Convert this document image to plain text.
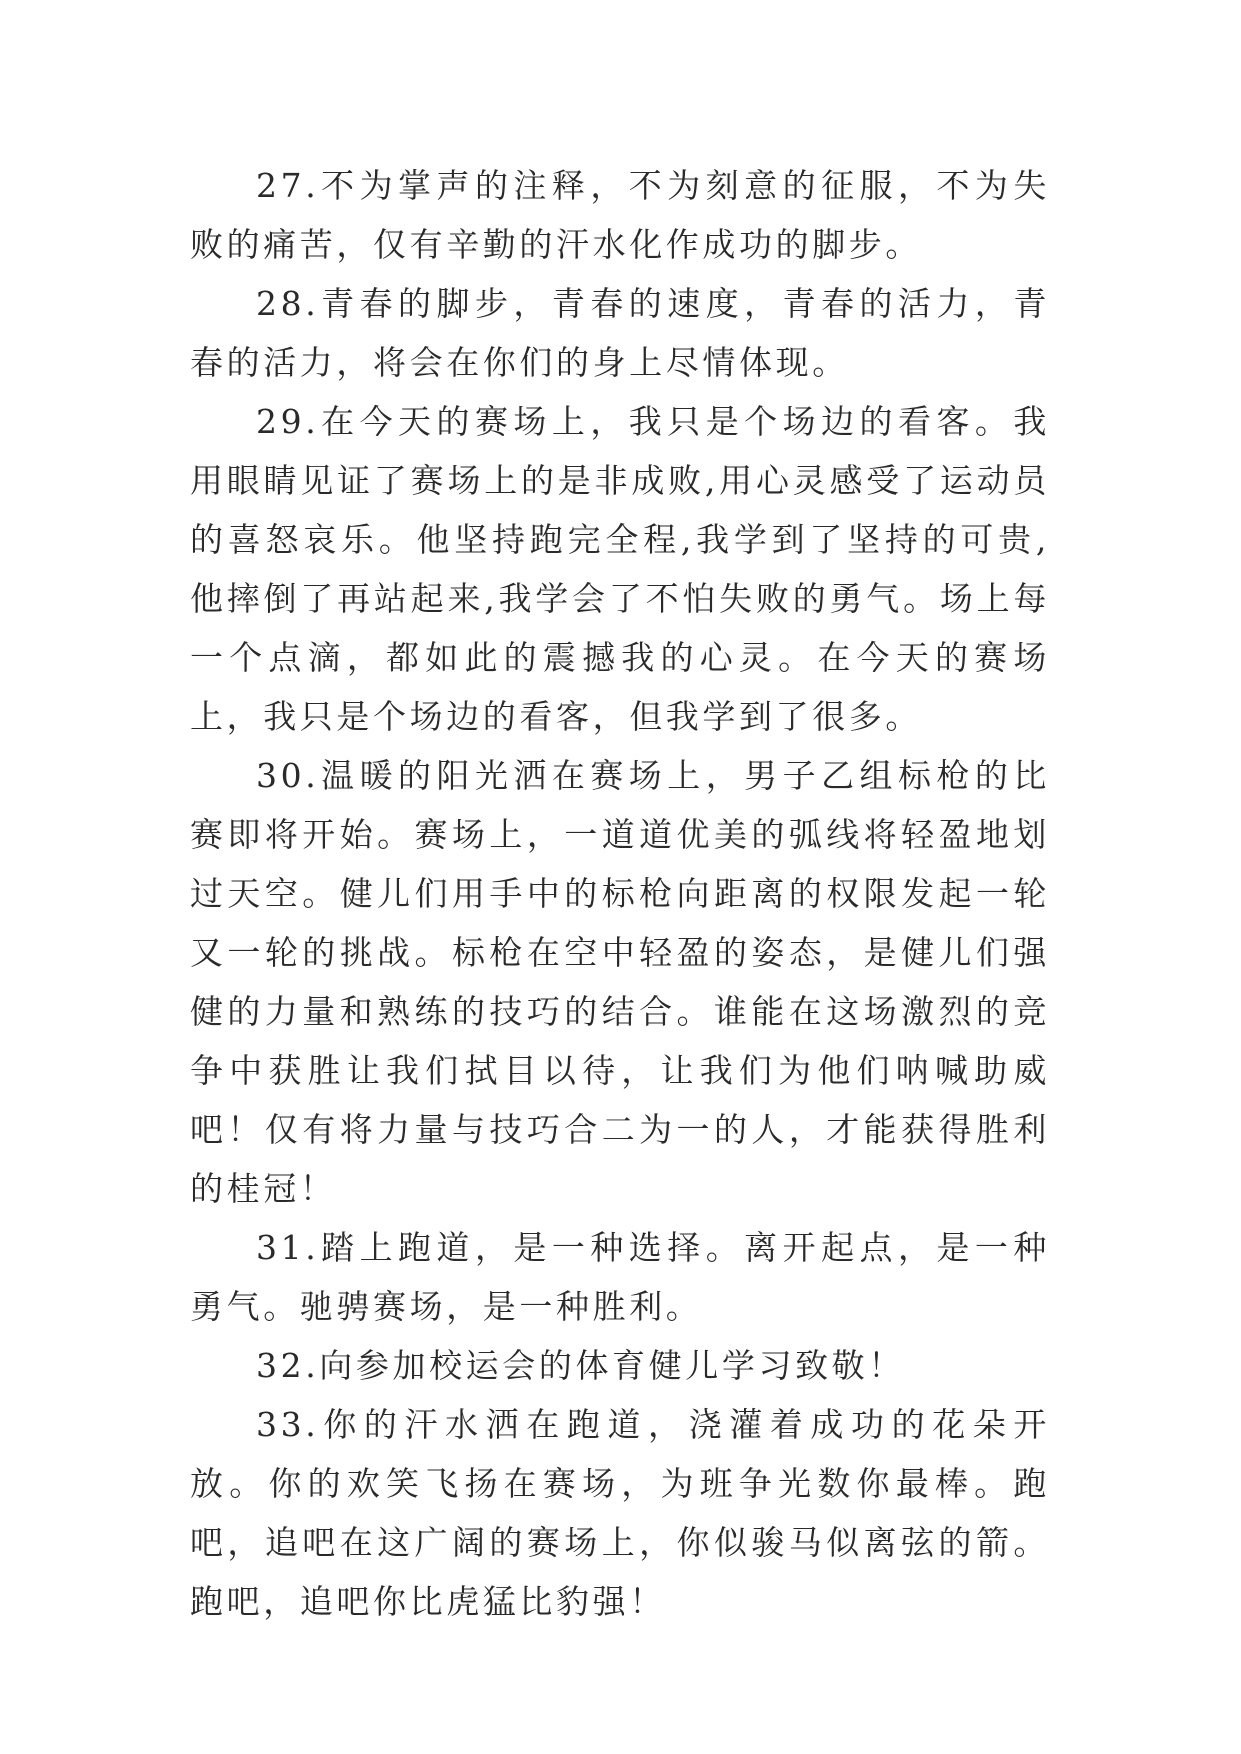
27.不为掌声的注释，不为刻意的征服，不为失败的痛苦，仅有辛勤的汗水化作成功的脚步。

28.青春的脚步，青春的速度，青春的活力，青春的活力，将会在你们的身上尽情体现。

29.在今天的赛场上，我只是个场边的看客。我用眼睛见证了赛场上的是非成败,用心灵感受了运动员的喜怒哀乐。他坚持跑完全程,我学到了坚持的可贵,他摔倒了再站起来,我学会了不怕失败的勇气。场上每一个点滴，都如此的震撼我的心灵。在今天的赛场上，我只是个场边的看客，但我学到了很多。

30.温暖的阳光洒在赛场上，男子乙组标枪的比赛即将开始。赛场上，一道道优美的弧线将轻盈地划过天空。健儿们用手中的标枪向距离的权限发起一轮又一轮的挑战。标枪在空中轻盈的姿态，是健儿们强健的力量和熟练的技巧的结合。谁能在这场激烈的竞争中获胜让我们拭目以待，让我们为他们呐喊助威吧！仅有将力量与技巧合二为一的人，才能获得胜利的桂冠！

31.踏上跑道，是一种选择。离开起点，是一种勇气。驰骋赛场，是一种胜利。

32.向参加校运会的体育健儿学习致敬！

33.你的汗水洒在跑道，浇灌着成功的花朵开放。你的欢笑飞扬在赛场，为班争光数你最棒。跑吧，追吧在这广阔的赛场上，你似骏马似离弦的箭。跑吧，追吧你比虎猛比豹强！
